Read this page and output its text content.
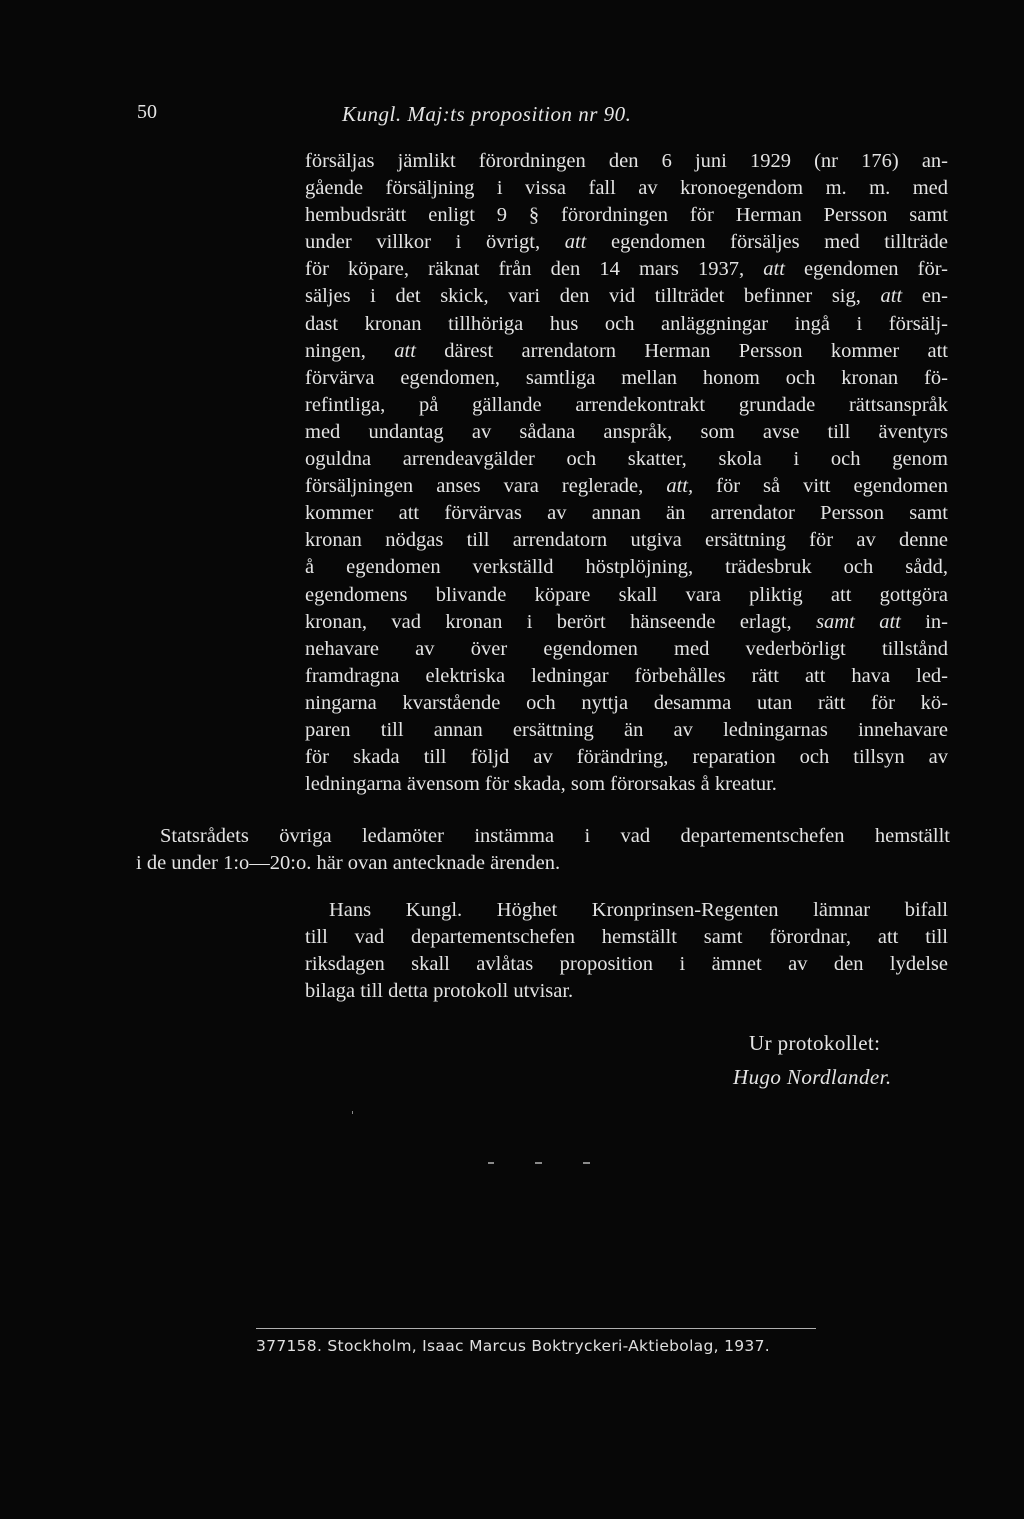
50	Kungl. Maj:ts proposition nr 90.
försäljas jämlikt förordningen den 6 juni 1929 (nr 176) an-
gående försäljning i vissa fall av kronoegendom m. m. med
hembudsrätt enligt 9 § förordningen för Herman Persson samt
under villkor i övrigt, att egendomen försäljes med tillträde
för köpare, räknat från den 14 mars 1937, att egendomen för-
säljes i det skick, vari den vid tillträdet befinner sig, att en-
dast kronan tillhöriga hus och anläggningar ingå i försälj-
ningen, att därest arrendatorn Herman Persson kommer att
förvärva egendomen, samtliga mellan honom och kronan fö-
refintliga, på gällande arrendekontrakt grundade rättsanspråk
med undantag av sådana anspråk, som avse till äventyrs
oguldna arrendeavgälder och skatter, skola i och genom
försäljningen anses vara reglerade, att, för så vitt egendomen
kommer att förvärvas av annan än arrendator Persson samt
kronan nödgas till arrendatorn utgiva ersättning för av denne
å egendomen verkställd höstplöjning, trädesbruk och sådd,
egendomens blivande köpare skall vara pliktig att gottgöra
kronan, vad kronan i berört hänseende erlagt, samt att in-
nehavare av över egendomen med vederbörligt tillstånd
framdragna elektriska ledningar förbehålles rätt att hava led-
ningarna kvarstående och nyttja desamma utan rätt för kö-
paren till annan ersättning än av ledningarnas innehavare
för skada till följd av förändring, reparation och tillsyn av
ledningarna ävensom för skada, som förorsakas å kreatur.
Statsrådets övriga ledamöter instämma i vad departementschefen hemställt
i de under 1:o—20:o. här ovan antecknade ärenden.
Hans Kungl. Höghet Kronprinsen-Regenten lämnar bifall
till vad departementschefen hemställt samt förordnar, att till
riksdagen skall avlåtas proposition i ämnet av den lydelse
bilaga till detta protokoll utvisar.
Ur protokollet:
Hugo Nordlander.
377158. Stockholm, Isaac Marcus Boktryckeri-Aktiebolag, 1937.
